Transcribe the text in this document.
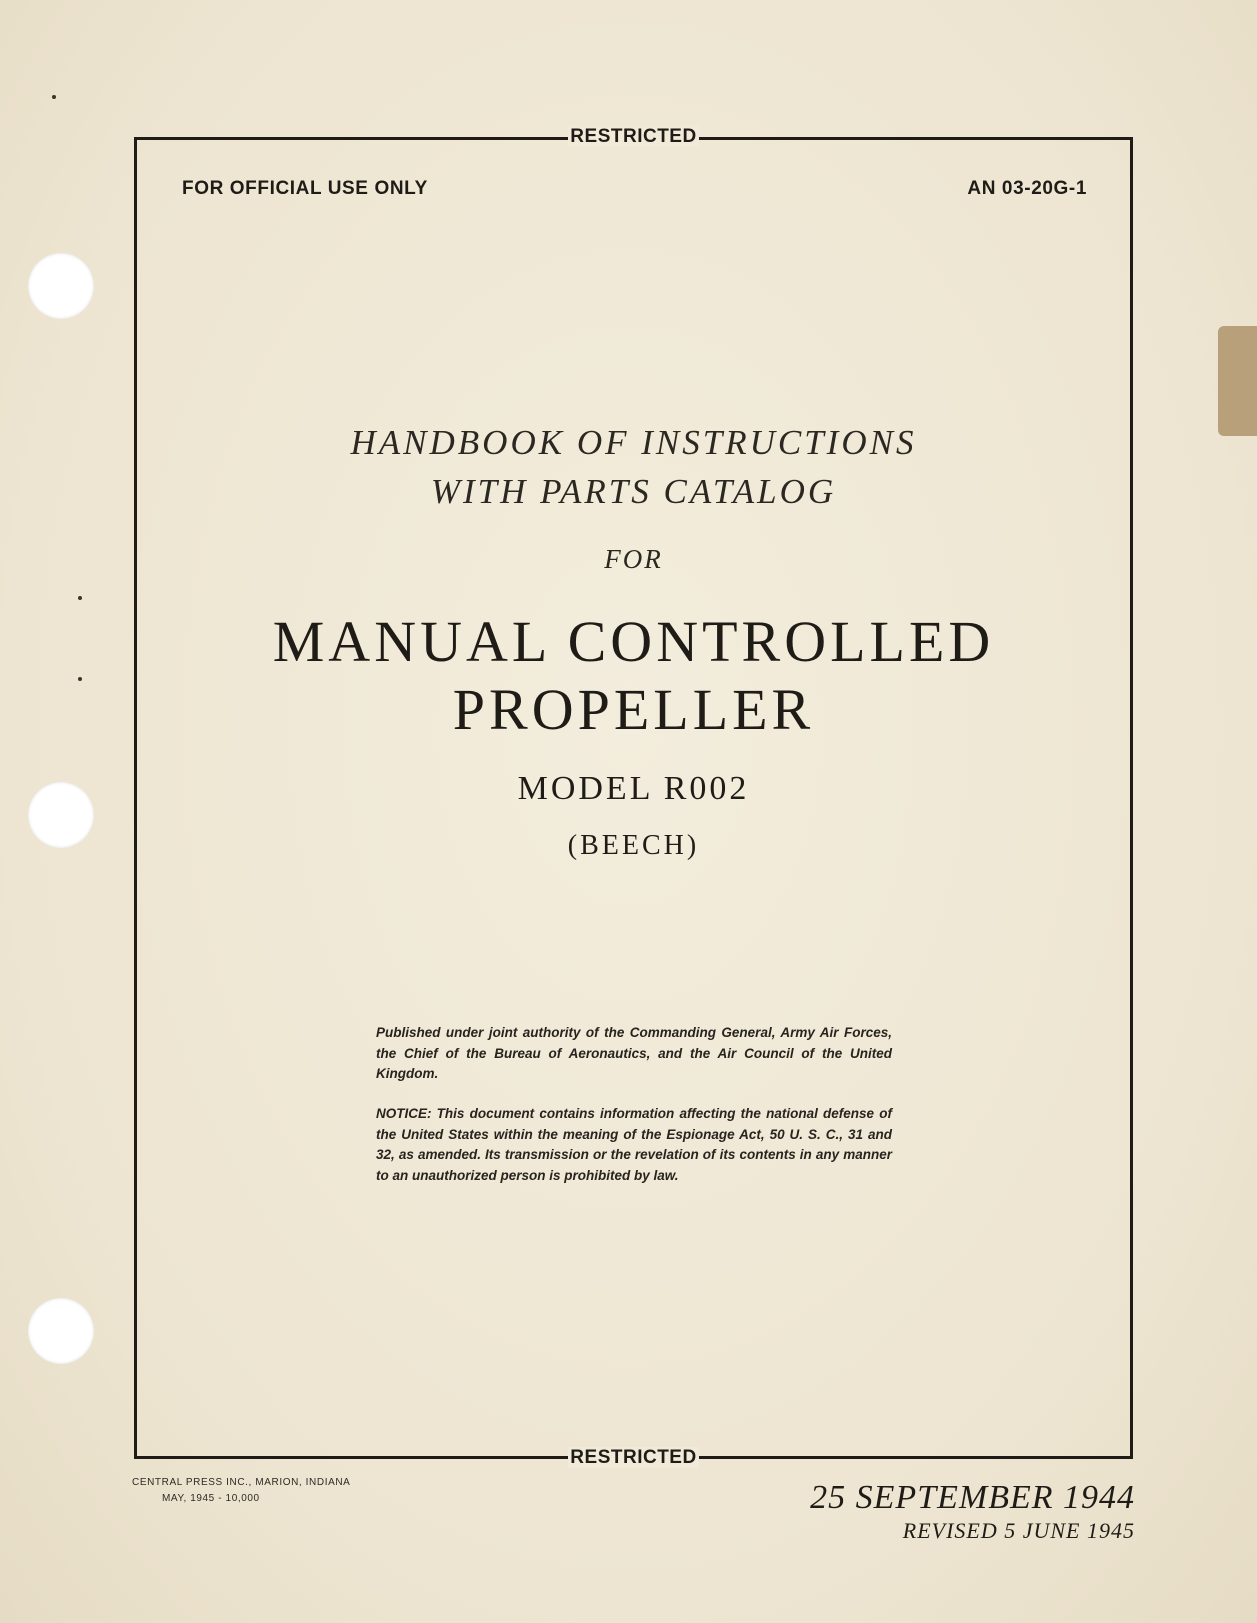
RESTRICTED
FOR OFFICIAL USE ONLY	AN 03-20G-1
HANDBOOK OF INSTRUCTIONS
WITH PARTS CATALOG
FOR
MANUAL CONTROLLED
PROPELLER
MODEL R002
(BEECH)
Published under joint authority of the Commanding General, Army Air Forces, the Chief of the Bureau of Aeronautics, and the Air Council of the United Kingdom.
NOTICE: This document contains information affecting the national defense of the United States within the meaning of the Espionage Act, 50 U. S. C., 31 and 32, as amended. Its transmission or the revelation of its contents in any manner to an unauthorized person is prohibited by law.
RESTRICTED
CENTRAL PRESS INC., MARION, INDIANA
MAY, 1945 - 10,000	25 SEPTEMBER 1944
REVISED 5 JUNE 1945
